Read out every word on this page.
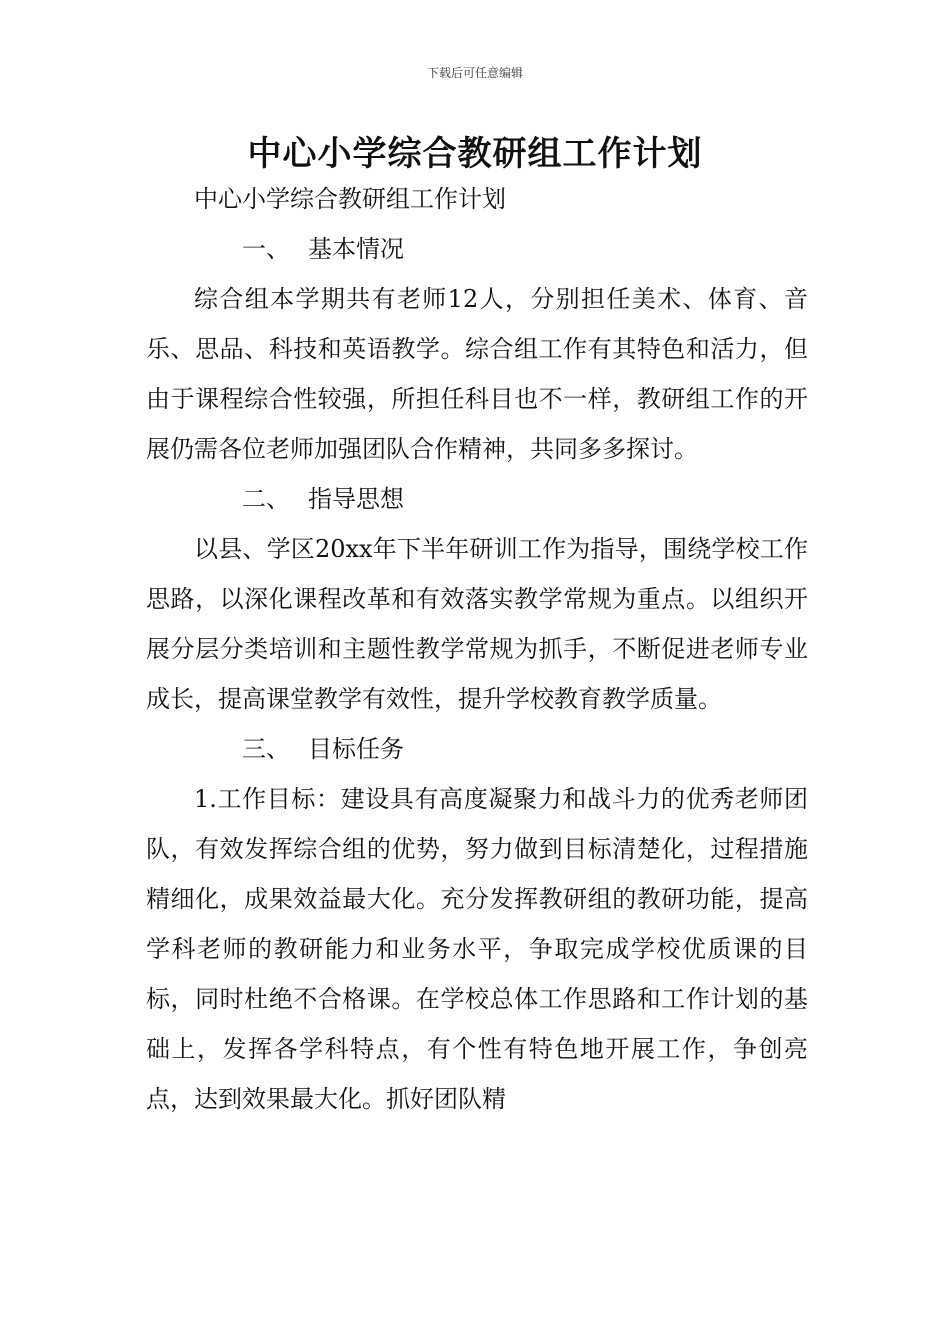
下载后可任意编辑
中心小学综合教研组工作计划

中心小学综合教研组工作计划

一、 基本情况

综合组本学期共有老师12人，分别担任美术、体育、音乐、思品、科技和英语教学。综合组工作有其特色和活力，但由于课程综合性较强，所担任科目也不一样，教研组工作的开展仍需各位老师加强团队合作精神，共同多多探讨。

二、 指导思想

以县、学区20xx年下半年研训工作为指导，围绕学校工作思路，以深化课程改革和有效落实教学常规为重点。以组织开展分层分类培训和主题性教学常规为抓手，不断促进老师专业成长，提高课堂教学有效性，提升学校教育教学质量。

三、 目标任务

1.工作目标：建设具有高度凝聚力和战斗力的优秀老师团队，有效发挥综合组的优势，努力做到目标清楚化，过程措施精细化，成果效益最大化。充分发挥教研组的教研功能，提高学科老师的教研能力和业务水平，争取完成学校优质课的目标，同时杜绝不合格课。在学校总体工作思路和工作计划的基础上，发挥各学科特点，有个性有特色地开展工作，争创亮点，达到效果最大化。抓好团队精
